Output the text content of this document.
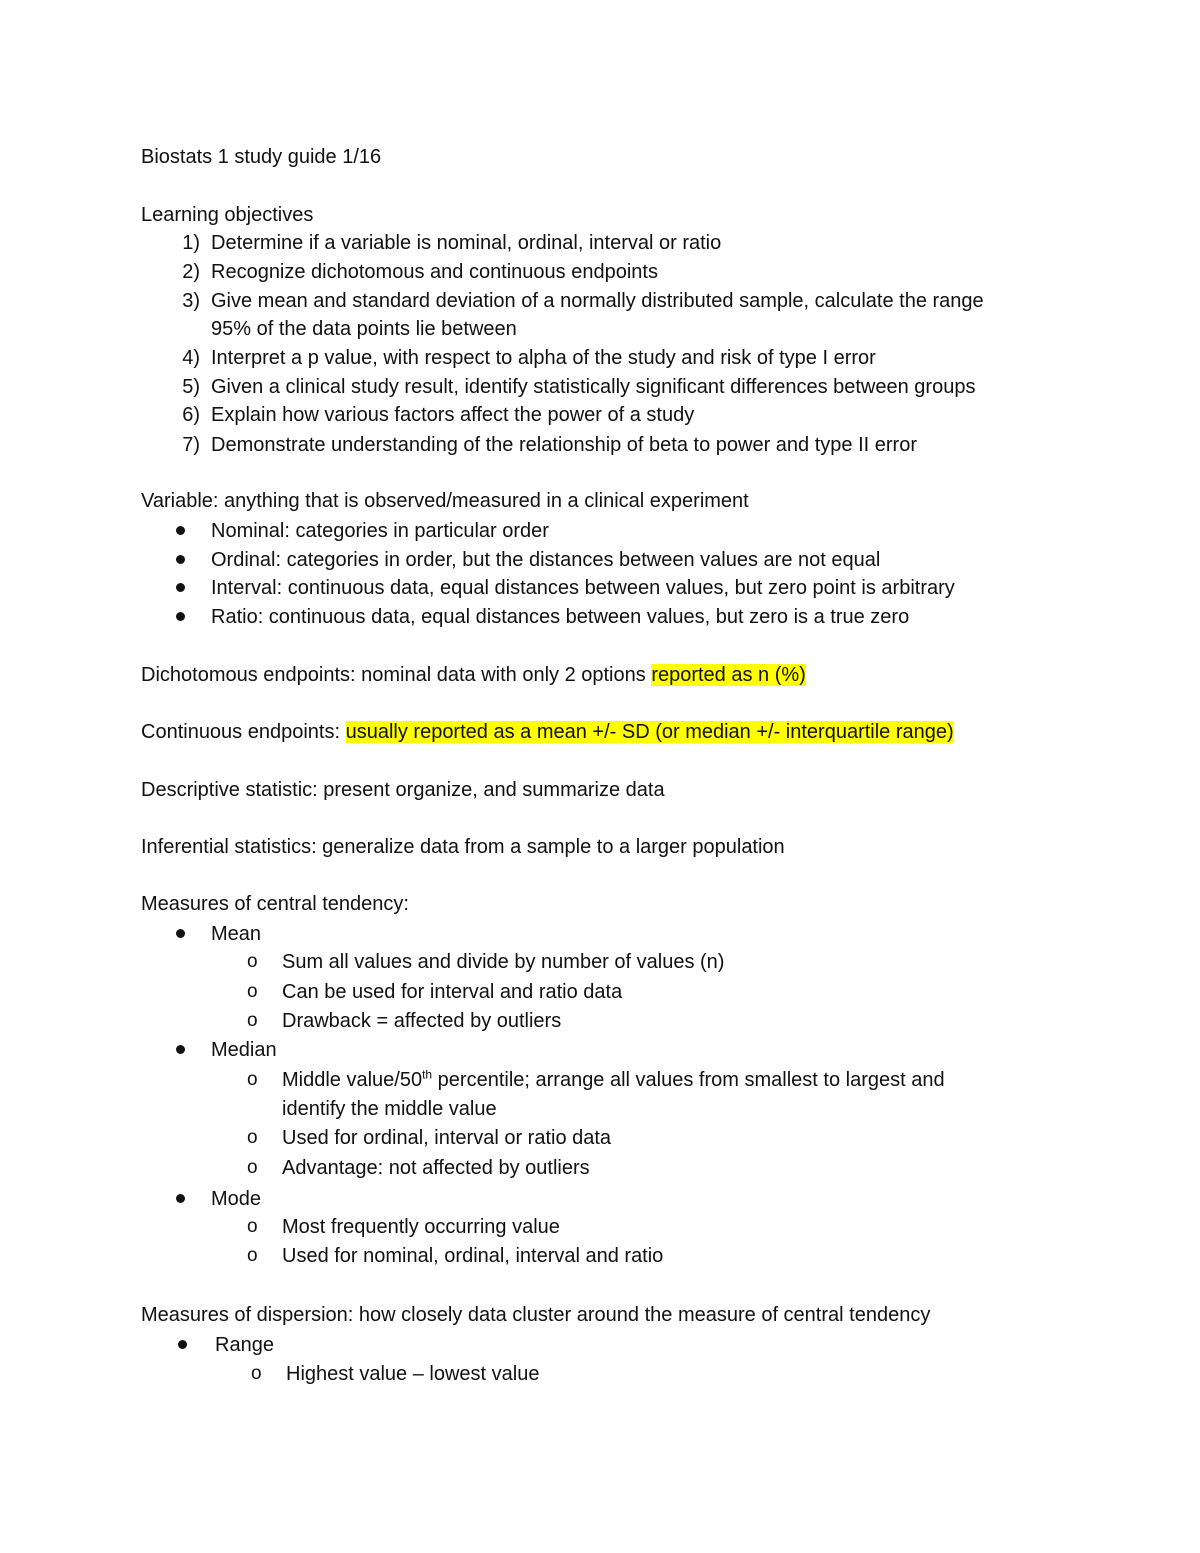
Biostats 1 study guide 1/16
Learning objectives
1) Determine if a variable is nominal, ordinal, interval or ratio
2) Recognize dichotomous and continuous endpoints
3) Give mean and standard deviation of a normally distributed sample, calculate the range
95% of the data points lie between
4) Interpret a p value, with respect to alpha of the study and risk of type I error
5) Given a clinical study result, identify statistically significant differences between groups
6) Explain how various factors affect the power of a study
7) Demonstrate understanding of the relationship of beta to power and type II error
Variable: anything that is observed/measured in a clinical experiment
Nominal: categories in particular order
Ordinal: categories in order, but the distances between values are not equal
Interval: continuous data, equal distances between values, but zero point is arbitrary
Ratio: continuous data, equal distances between values, but zero is a true zero
Dichotomous endpoints: nominal data with only 2 options reported as n (%)
Continuous endpoints: usually reported as a mean +/- SD (or median +/- interquartile range)
Descriptive statistic: present organize, and summarize data
Inferential statistics: generalize data from a sample to a larger population
Measures of central tendency:
Mean
o Sum all values and divide by number of values (n)
o Can be used for interval and ratio data
o Drawback = affected by outliers
Median
o Middle value/50th percentile; arrange all values from smallest to largest and
identify the middle value
o Used for ordinal, interval or ratio data
o Advantage: not affected by outliers
Mode
o Most frequently occurring value
o Used for nominal, ordinal, interval and ratio
Measures of dispersion: how closely data cluster around the measure of central tendency
Range
o Highest value – lowest value
